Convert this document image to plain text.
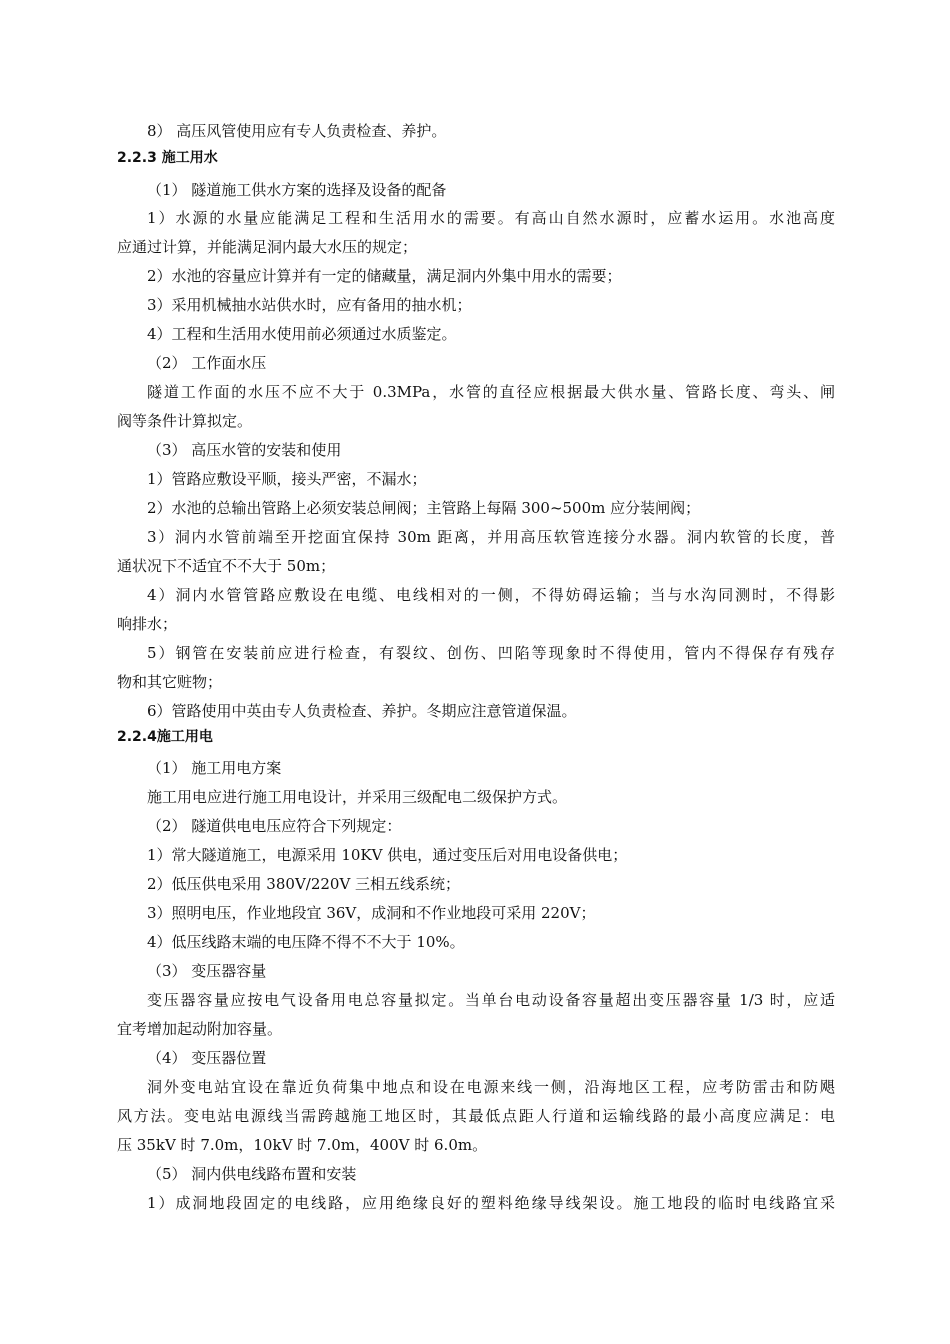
8） 高压风管使用应有专人负责检查、养护。
2.2.3 施工用水
（1） 隧道施工供水方案的选择及设备的配备
1）水源的水量应能满足工程和生活用水的需要。有高山自然水源时，应蓄水运用。水池高度
应通过计算，并能满足洞内最大水压的规定；
2）水池的容量应计算并有一定的储藏量，满足洞内外集中用水的需要；
3）采用机械抽水站供水时，应有备用的抽水机；
4）工程和生活用水使用前必须通过水质鉴定。
（2） 工作面水压
隧道工作面的水压不应不大于 0.3MPa，水管的直径应根据最大供水量、管路长度、弯头、闸
阀等条件计算拟定。
（3） 高压水管的安装和使用
1）管路应敷设平顺，接头严密，不漏水；
2）水池的总输出管路上必须安装总闸阀；主管路上每隔 300~500m 应分装闸阀；
3）洞内水管前端至开挖面宜保持 30m 距离，并用高压软管连接分水器。洞内软管的长度，普
通状况下不适宜不不大于 50m；
4）洞内水管管路应敷设在电缆、电线相对的一侧，不得妨碍运输；当与水沟同测时，不得影
响排水；
5）钢管在安装前应进行检查，有裂纹、创伤、凹陷等现象时不得使用，管内不得保存有残存
物和其它赃物；
6）管路使用中英由专人负责检查、养护。冬期应注意管道保温。
2.2.4施工用电
（1） 施工用电方案
施工用电应进行施工用电设计，并采用三级配电二级保护方式。
（2） 隧道供电电压应符合下列规定：
1）常大隧道施工，电源采用 10KV 供电，通过变压后对用电设备供电；
2）低压供电采用 380V/220V 三相五线系统；
3）照明电压，作业地段宜 36V，成洞和不作业地段可采用 220V；
4）低压线路末端的电压降不得不不大于 10%。
（3） 变压器容量
变压器容量应按电气设备用电总容量拟定。当单台电动设备容量超出变压器容量 1/3 时，应适
宜考增加起动附加容量。
（4） 变压器位置
洞外变电站宜设在靠近负荷集中地点和设在电源来线一侧，沿海地区工程，应考防雷击和防飓
风方法。变电站电源线当需跨越施工地区时，其最低点距人行道和运输线路的最小高度应满足：电
压 35kV 时 7.0m，10kV 时 7.0m，400V 时 6.0m。
（5） 洞内供电线路布置和安装
1）成洞地段固定的电线路，应用绝缘良好的塑料绝缘导线架设。施工地段的临时电线路宜采
